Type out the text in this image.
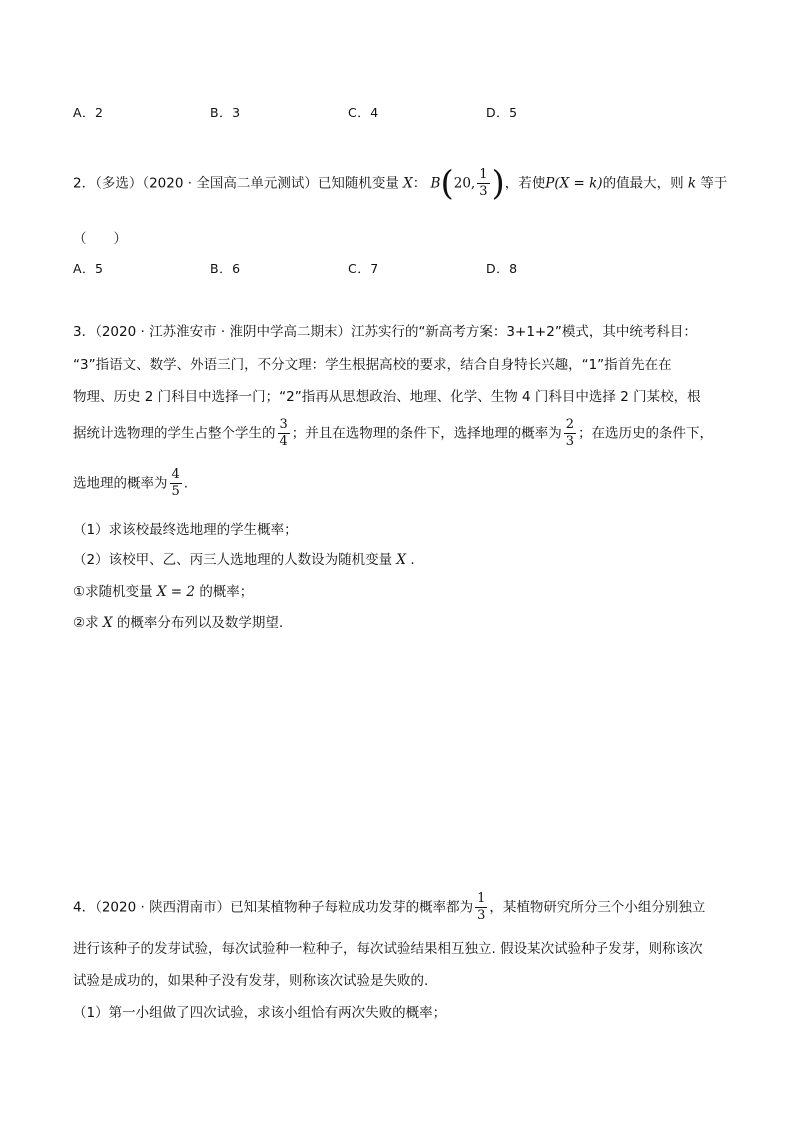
A．2	B．3	C．4	D．5
2．（多选）（2020 · 全国高二单元测试）已知随机变量 X： B(20, $\frac{1}{3}$ )，若使P(X = k)的值最大，则 k 等于
（　　）
A．5	B．6	C．7	D．8
3．（2020 · 江苏淮安市 · 淮阴中学高二期末）江苏实行的“新高考方案：3+1+2”模式，其中统考科目：
“3”指语文、数学、外语三门，不分文理：学生根据高校的要求，结合自身特长兴趣，“1”指首先在在
物理、历史 2 门科目中选择一门；“2”指再从思想政治、地理、化学、生物 4 门科目中选择 2 门某校，根
据统计选物理的学生占整个学生的 $\frac{3}{4}$ ；并且在选物理的条件下，选择地理的概率为 $\frac{2}{3}$ ；在选历史的条件下，
选地理的概率为 $\frac{4}{5}$ .
（1）求该校最终选地理的学生概率；
（2）该校甲、乙、丙三人选地理的人数设为随机变量 X .
①求随机变量 X = 2 的概率；
②求 X 的概率分布列以及数学期望.
4．（2020 · 陕西渭南市）已知某植物种子每粒成功发芽的概率都为 $\frac{1}{3}$ ，某植物研究所分三个小组分别独立
进行该种子的发芽试验，每次试验种一粒种子，每次试验结果相互独立. 假设某次试验种子发芽，则称该次
试验是成功的，如果种子没有发芽，则称该次试验是失败的.
（1）第一小组做了四次试验，求该小组恰有两次失败的概率；
